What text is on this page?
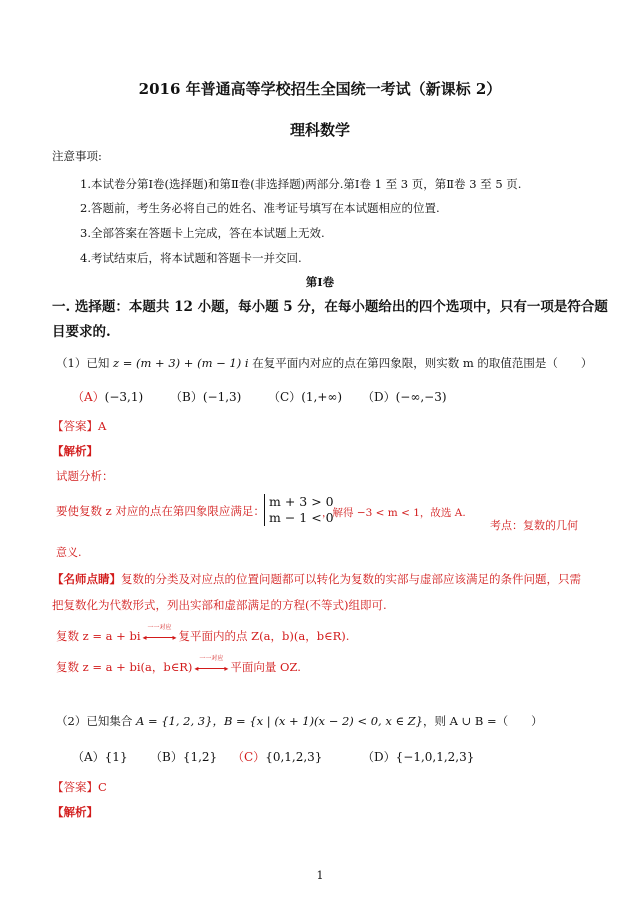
2016 年普通高等学校招生全国统一考试（新课标 2）
理科数学
注意事项:
1.本试卷分第Ⅰ卷(选择题)和第Ⅱ卷(非选择题)两部分.第Ⅰ卷 1 至 3 页，第Ⅱ卷 3 至 5 页.
2.答题前，考生务必将自己的姓名、准考证号填写在本试题相应的位置.
3.全部答案在答题卡上完成，答在本试题上无效.
4.考试结束后，将本试题和答题卡一并交回.
第Ⅰ卷
一. 选择题：本题共 12 小题，每小题 5 分，在每小题给出的四个选项中，只有一项是符合题
目要求的.
（1）已知 z = (m + 3) + (m − 1) i 在复平面内对应的点在第四象限，则实数 m 的取值范围是（　　）
（A）(−3,1) （B）(−1,3) （C）(1,+∞) （D）(−∞,−3)
【答案】A
【解析】
试题分析：
要使复数 z 对应的点在第四象限应满足：
m + 3 > 0
m − 1 < 0
，解得 −3 < m < 1，故选 A.
考点：复数的几何
意义.
【名师点睛】复数的分类及对应点的位置问题都可以转化为复数的实部与虚部应该满足的条件问题，只需
把复数化为代数形式，列出实部和虚部满足的方程(不等式)组即可.
复数 z = a + bi
一一对应
◂	▸ 复平面内的点 Z(a，b)(a，b∈R).
复数 z = a + bi(a，b∈R)
一一对应
◂	▸ 平面向量 OZ.
（2）已知集合 A = {1, 2, 3}，B = {x | (x + 1)(x − 2) < 0, x ∈ Z}，则 A ∪ B =（　　）
（A）{1} （B）{1,2} （C）{0,1,2,3}	（D）{−1,0,1,2,3}
【答案】C
【解析】
1
